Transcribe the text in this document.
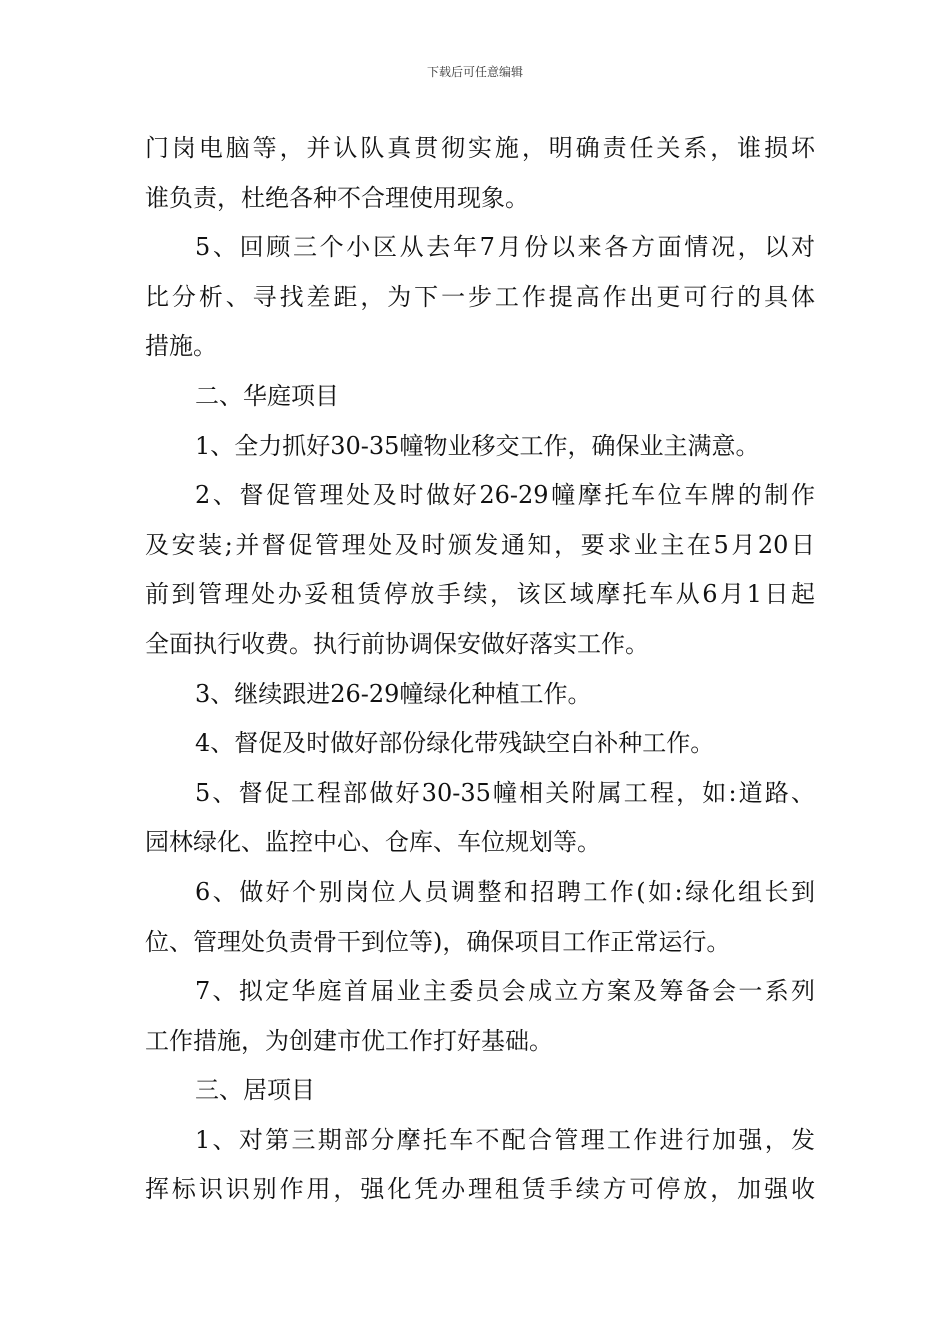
下载后可任意编辑
门岗电脑等，并认队真贯彻实施，明确责任关系，谁损坏
谁负责，杜绝各种不合理使用现象。
5、回顾三个小区从去年7月份以来各方面情况，以对
比分析、寻找差距，为下一步工作提高作出更可行的具体
措施。
二、华庭项目
1、全力抓好30-35幢物业移交工作，确保业主满意。
2、督促管理处及时做好26-29幢摩托车位车牌的制作
及安装;并督促管理处及时颁发通知，要求业主在5月20日
前到管理处办妥租赁停放手续，该区域摩托车从6月1日起
全面执行收费。执行前协调保安做好落实工作。
3、继续跟进26-29幢绿化种植工作。
4、督促及时做好部份绿化带残缺空白补种工作。
5、督促工程部做好30-35幢相关附属工程，如:道路、
园林绿化、监控中心、仓库、车位规划等。
6、做好个别岗位人员调整和招聘工作(如:绿化组长到
位、管理处负责骨干到位等)，确保项目工作正常运行。
7、拟定华庭首届业主委员会成立方案及筹备会一系列
工作措施，为创建市优工作打好基础。
三、居项目
1、对第三期部分摩托车不配合管理工作进行加强，发
挥标识识别作用，强化凭办理租赁手续方可停放，加强收
